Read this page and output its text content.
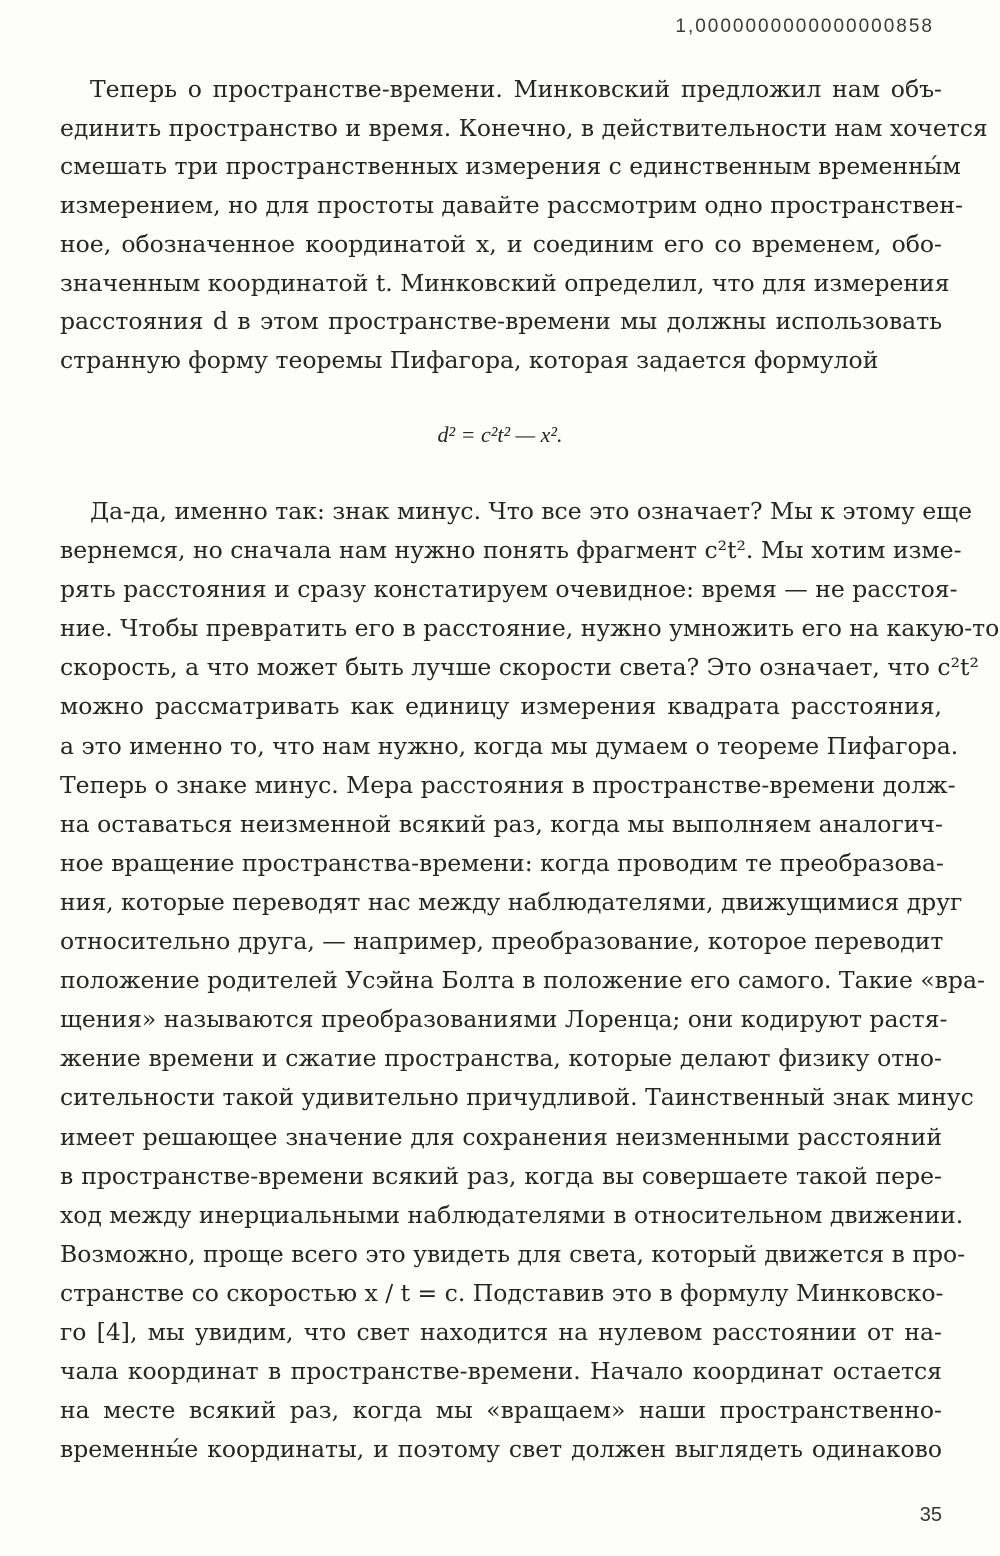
1,0000000000000000858

Теперь о пространстве-времени. Минковский предложил нам объ-
единить пространство и время. Конечно, в действительности нам хочется
смешать три пространственных измерения с единственным временны́м
измерением, но для простоты давайте рассмотрим одно пространствен-
ное, обозначенное координатой x, и соединим его со временем, обо-
значенным координатой t. Минковский определил, что для измерения
расстояния d в этом пространстве-времени мы должны использовать
странную форму теоремы Пифагора, которая задается формулой

d² = c²t² — x².

Да-да, именно так: знак минус. Что все это означает? Мы к этому еще
вернемся, но сначала нам нужно понять фрагмент c²t². Мы хотим изме-
рять расстояния и сразу констатируем очевидное: время — не расстоя-
ние. Чтобы превратить его в расстояние, нужно умножить его на какую-то
скорость, а что может быть лучше скорости света? Это означает, что c²t²
можно рассматривать как единицу измерения квадрата расстояния,
а это именно то, что нам нужно, когда мы думаем о теореме Пифагора.
Теперь о знаке минус. Мера расстояния в пространстве-времени долж-
на оставаться неизменной всякий раз, когда мы выполняем аналогич-
ное вращение пространства-времени: когда проводим те преобразова-
ния, которые переводят нас между наблюдателями, движущимися друг
относительно друга, — например, преобразование, которое переводит
положение родителей Усэйна Болта в положение его самого. Такие «вра-
щения» называются преобразованиями Лоренца; они кодируют растя-
жение времени и сжатие пространства, которые делают физику отно-
сительности такой удивительно причудливой. Таинственный знак минус
имеет решающее значение для сохранения неизменными расстояний
в пространстве-времени всякий раз, когда вы совершаете такой пере-
ход между инерциальными наблюдателями в относительном движении.
Возможно, проще всего это увидеть для света, который движется в про-
странстве со скоростью x / t = c. Подставив это в формулу Минковско-
го [4], мы увидим, что свет находится на нулевом расстоянии от на-
чала координат в пространстве-времени. Начало координат остается
на месте всякий раз, когда мы «вращаем» наши пространственно-
временны́е координаты, и поэтому свет должен выглядеть одинаково

35
